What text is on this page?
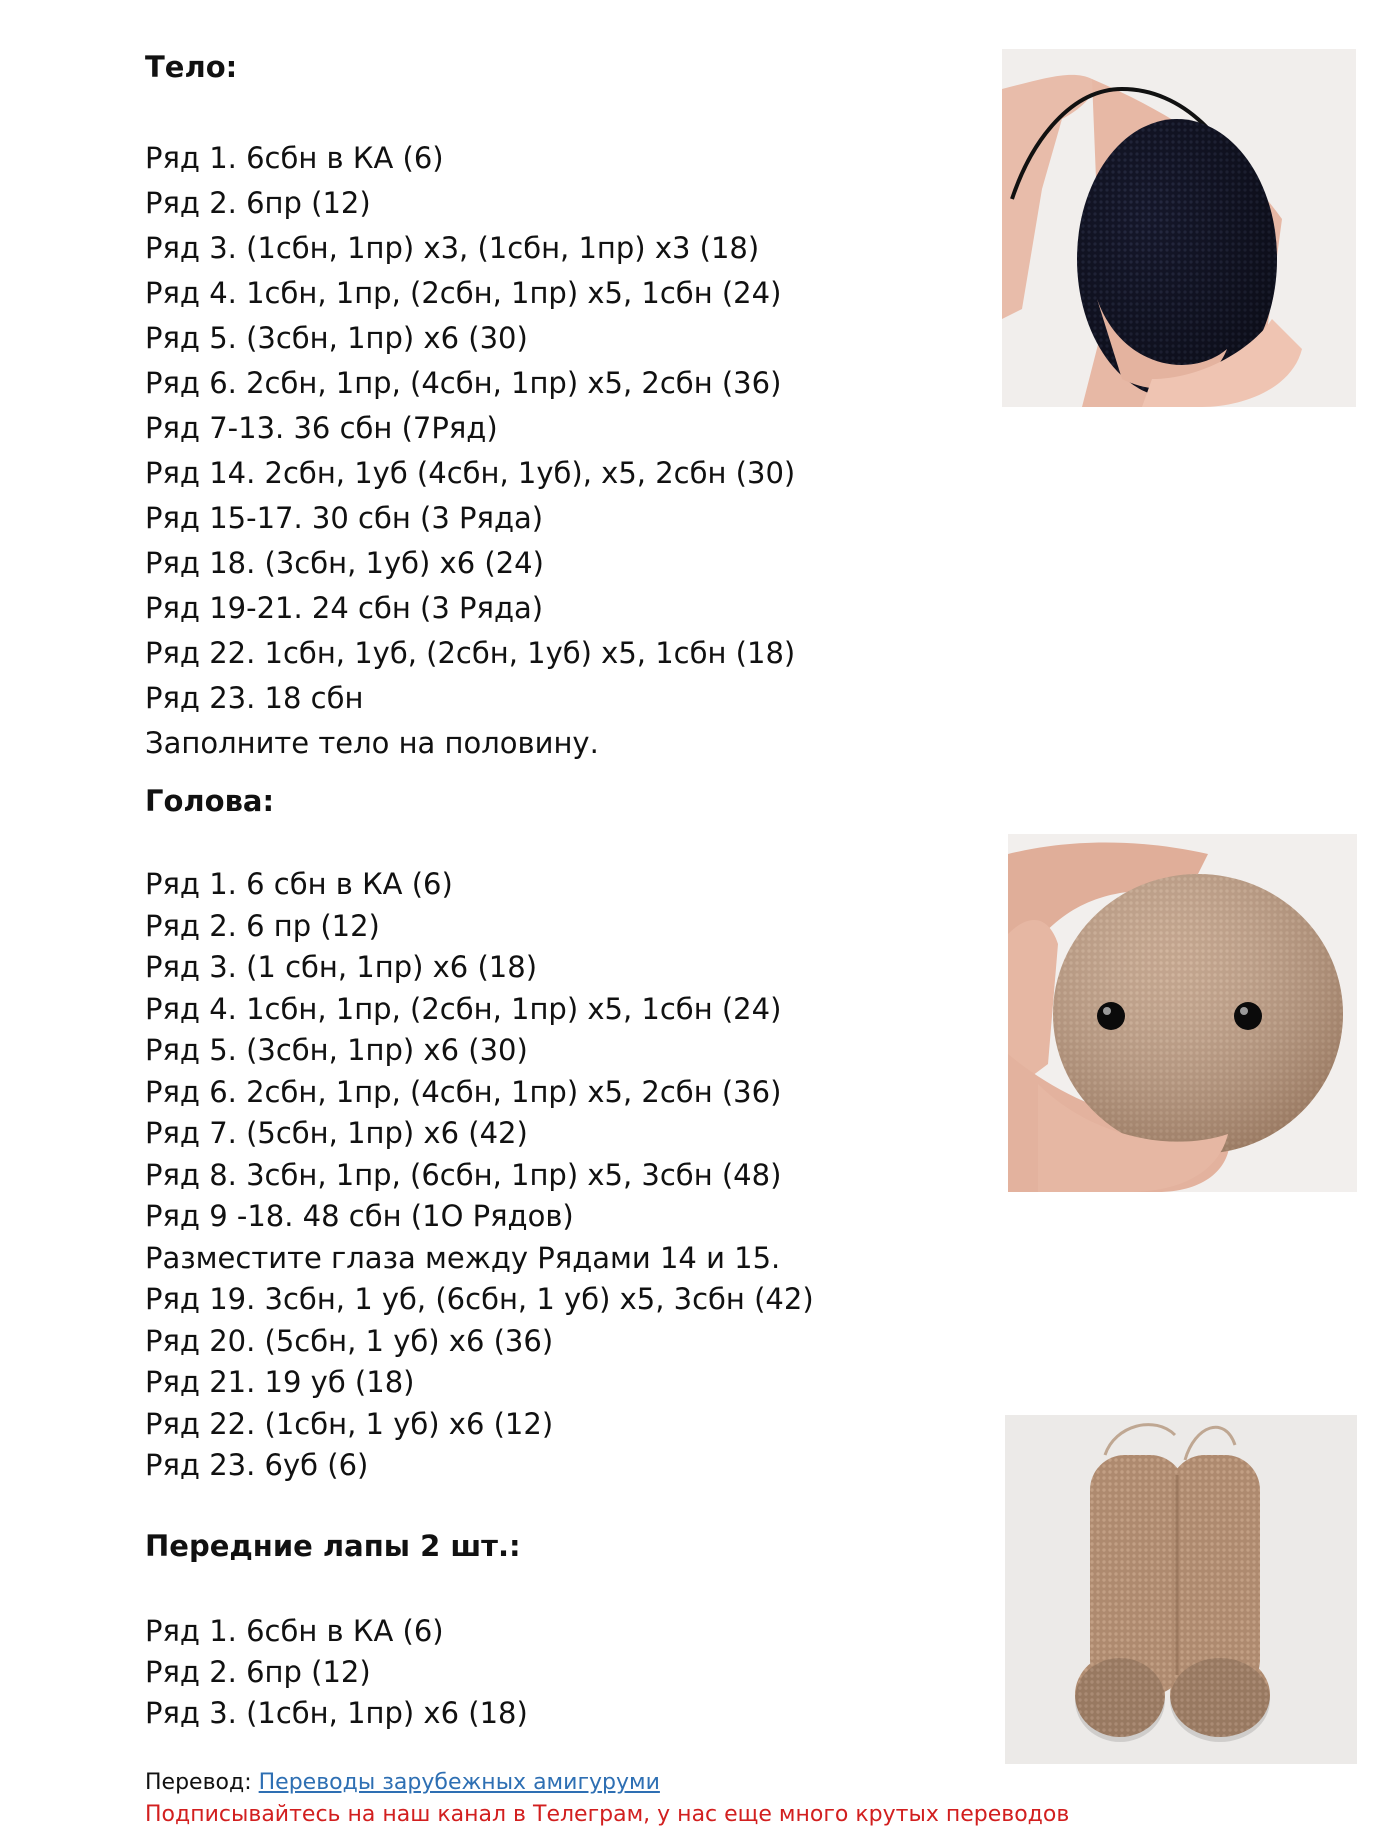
Тело:
Ряд 1. 6сбн в КА (6)
Ряд 2. 6пр (12)
Ряд 3. (1сбн, 1пр) x3, (1сбн, 1пр) x3 (18)
Ряд 4. 1сбн, 1пр, (2сбн, 1пр) x5, 1сбн (24)
Ряд 5. (3сбн, 1пр) x6 (30)
Ряд 6. 2сбн, 1пр, (4сбн, 1пр) x5, 2сбн (36)
Ряд 7-13. 36 сбн (7Ряд)
Ряд 14. 2сбн, 1уб (4сбн, 1уб), x5, 2сбн (30)
Ряд 15-17. 30 сбн (3 Ряда)
Ряд 18. (3сбн, 1уб) x6 (24)
Ряд 19-21. 24 сбн (3 Ряда)
Ряд 22. 1сбн, 1уб, (2сбн, 1уб) x5, 1сбн (18)
Ряд 23. 18 сбн
Заполните тело на половину.
Голова:
Ряд 1. 6 сбн в КА (6)
Ряд 2. 6 пр (12)
Ряд 3. (1 сбн, 1пр) x6 (18)
Ряд 4. 1сбн, 1пр, (2сбн, 1пр) x5, 1сбн (24)
Ряд 5. (3сбн, 1пр) x6 (30)
Ряд 6. 2сбн, 1пр, (4сбн, 1пр) x5, 2сбн (36)
Ряд 7. (5сбн, 1пр) x6 (42)
Ряд 8. 3сбн, 1пр, (6сбн, 1пр) x5, 3сбн (48)
Ряд 9 -18. 48 сбн (1О Рядов)
Разместите глаза между Рядами 14 и 15.
Ряд 19. 3сбн, 1 уб, (6сбн, 1 уб) x5, 3сбн (42)
Ряд 20. (5сбн, 1 уб) x6 (36)
Ряд 21. 19 уб (18)
Ряд 22. (1сбн, 1 уб) x6 (12)
Ряд 23. 6уб (6)
Передние лапы 2 шт.:
Ряд 1. 6сбн в КА (6)
Ряд 2. 6пр (12)
Ряд 3. (1сбн, 1пр) x6 (18)
Перевод: Переводы зарубежных амигуруми
Подписывайтесь на наш канал в Телеграм, у нас еще много крутых переводов
